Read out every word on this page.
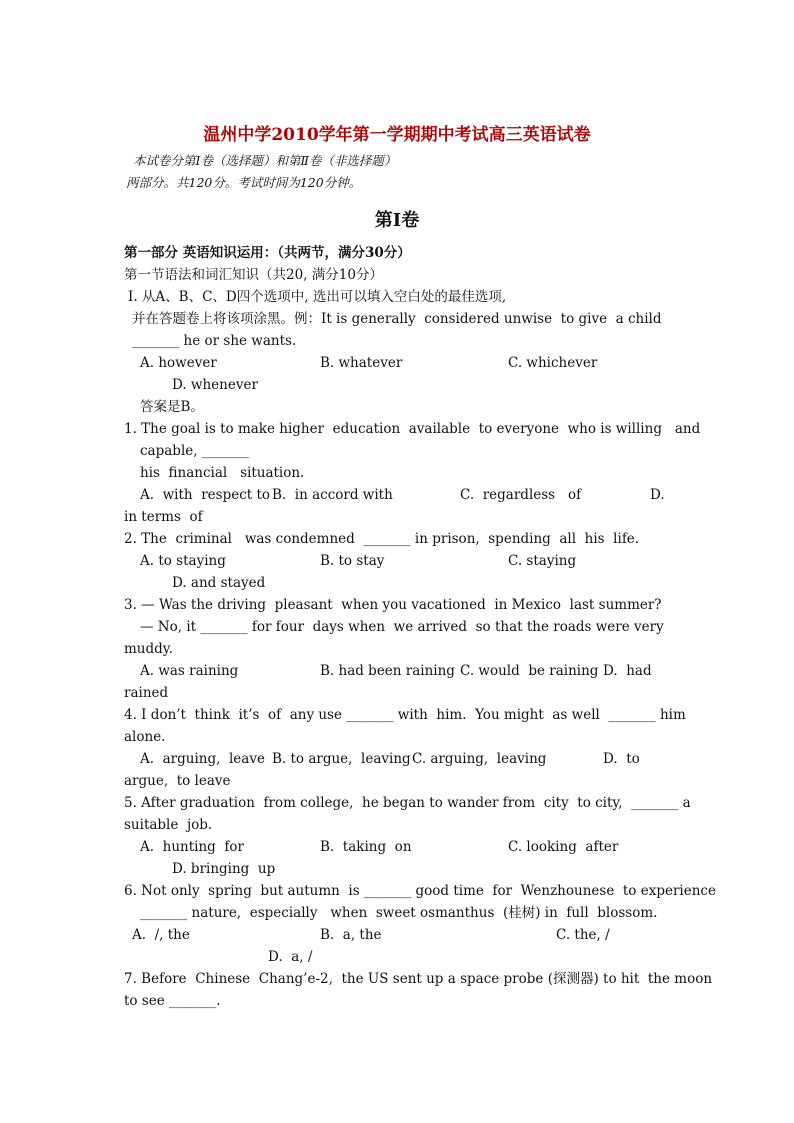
温州中学2010学年第一学期期中考试高三英语试卷
本试卷分第Ⅰ卷（选择题）和第Ⅱ卷（非选择题）
两部分。共120分。考试时间为120分钟。
第Ⅰ卷
第一部分 英语知识运用：（共两节，满分30分）
第一节语法和词汇知识（共20, 满分10分）
Ⅰ. 从A、B、C、D四个选项中, 选出可以填入空白处的最佳选项,
并在答题卷上将该项涂黑。例：It is generally  considered unwise  to give  a child
_______ he or she wants.
A. however	B. whatever	C. whichever
D. whenever
答案是B。
1. The goal is to make higher  education  available  to everyone  who is willing   and
capable, _______
his  financial   situation.
A.  with  respect to B.  in accord with	C.  regardless   of	D.
in terms  of
2. The  criminal   was condemned  _______ in prison,  spending  all  his  life.
A. to staying	B. to stay	C. staying
D. and stayed
3. — Was the driving  pleasant  when you vacationed  in Mexico  last summer?
— No, it _______ for four  days when  we arrived  so that the roads were very
muddy.
A. was raining	B. had been raining C. would  be raining D.  had
rained
4. I don’t  think  it’s  of  any use _______ with  him.  You might  as well  _______ him
alone.
A.  arguing,  leave B. to argue,  leaving C. arguing,  leaving	D.  to
argue,  to leave
5. After graduation  from college,  he began to wander from  city  to city,  _______ a
suitable  job.
A.  hunting  for	B.  taking  on	C. looking  after
D. bringing  up
6. Not only  spring  but autumn  is _______ good time  for  Wenzhounese  to experience
_______ nature,  especially   when  sweet osmanthus  (桂树) in  full  blossom.
A.  /, the	B.  a, the	C. the, /
D.  a, /
7. Before  Chinese  Chang’e-2,  the US sent up a space probe (探测器) to hit  the moon
to see _______.
